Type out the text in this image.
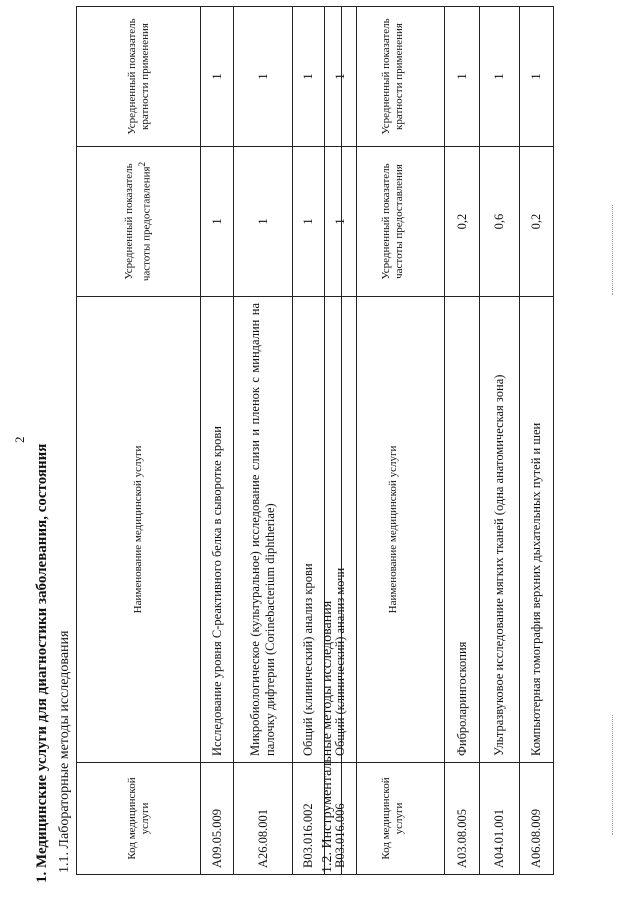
2
1. Медицинские услуги для диагностики заболевания, состояния 1.1. Лабораторные методы исследования	Код медицинской услуги	Наименование медицинской услуги	Усредненный показатель частоты предоставления$^2$	Усредненный показатель кратности применения
A09.05.009	Исследование уровня С-реактивного белка в сыворотке крови	1	1
A26.08.001	Микробиологическое (культуральное) исследование слизи и пленок с миндалин на палочку дифтерии (Corinebacterium diphtheriae)	1	1
B03.016.002	Общий (клинический) анализ крови	1	1
B03.016.006	Общий (клинический) анализ мочи	1	1
1.2. Инструментальные методы исследования	Код медицинской услуги	Наименование медицинской услуги	Усредненный показатель частоты предоставления	Усредненный показатель кратности применения
A03.08.005	Фиброларингоскопия	0,2	1
A04.01.001	Ультразвуковое исследование мягких тканей (одна анатомическая зона)	0,6	1
A06.08.009	Компьютерная томография верхних дыхательных путей и шеи	0,2	1
